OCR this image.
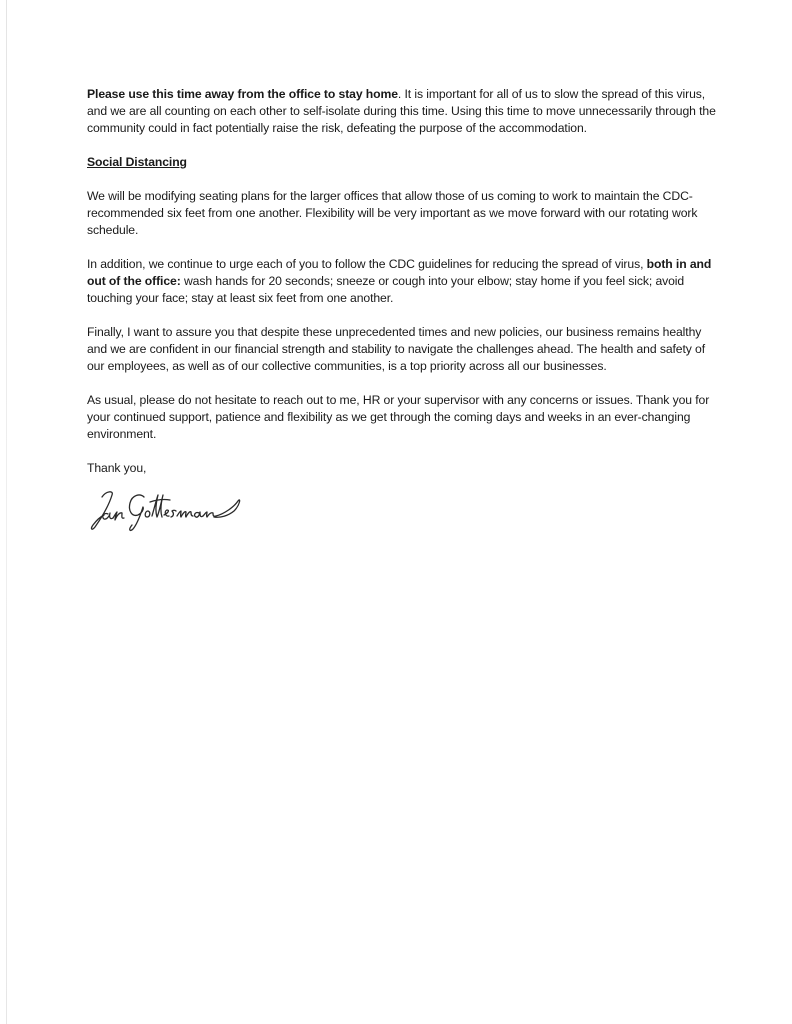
Please use this time away from the office to stay home. It is important for all of us to slow the spread of this virus, and we are all counting on each other to self-isolate during this time. Using this time to move unnecessarily through the community could in fact potentially raise the risk, defeating the purpose of the accommodation.

Social Distancing

We will be modifying seating plans for the larger offices that allow those of us coming to work to maintain the CDC-recommended six feet from one another. Flexibility will be very important as we move forward with our rotating work schedule.

In addition, we continue to urge each of you to follow the CDC guidelines for reducing the spread of virus, both in and out of the office: wash hands for 20 seconds; sneeze or cough into your elbow; stay home if you feel sick; avoid touching your face; stay at least six feet from one another.

Finally, I want to assure you that despite these unprecedented times and new policies, our business remains healthy and we are confident in our financial strength and stability to navigate the challenges ahead. The health and safety of our employees, as well as of our collective communities, is a top priority across all our businesses.

As usual, please do not hesitate to reach out to me, HR or your supervisor with any concerns or issues. Thank you for your continued support, patience and flexibility as we get through the coming days and weeks in an ever-changing environment.

Thank you,
